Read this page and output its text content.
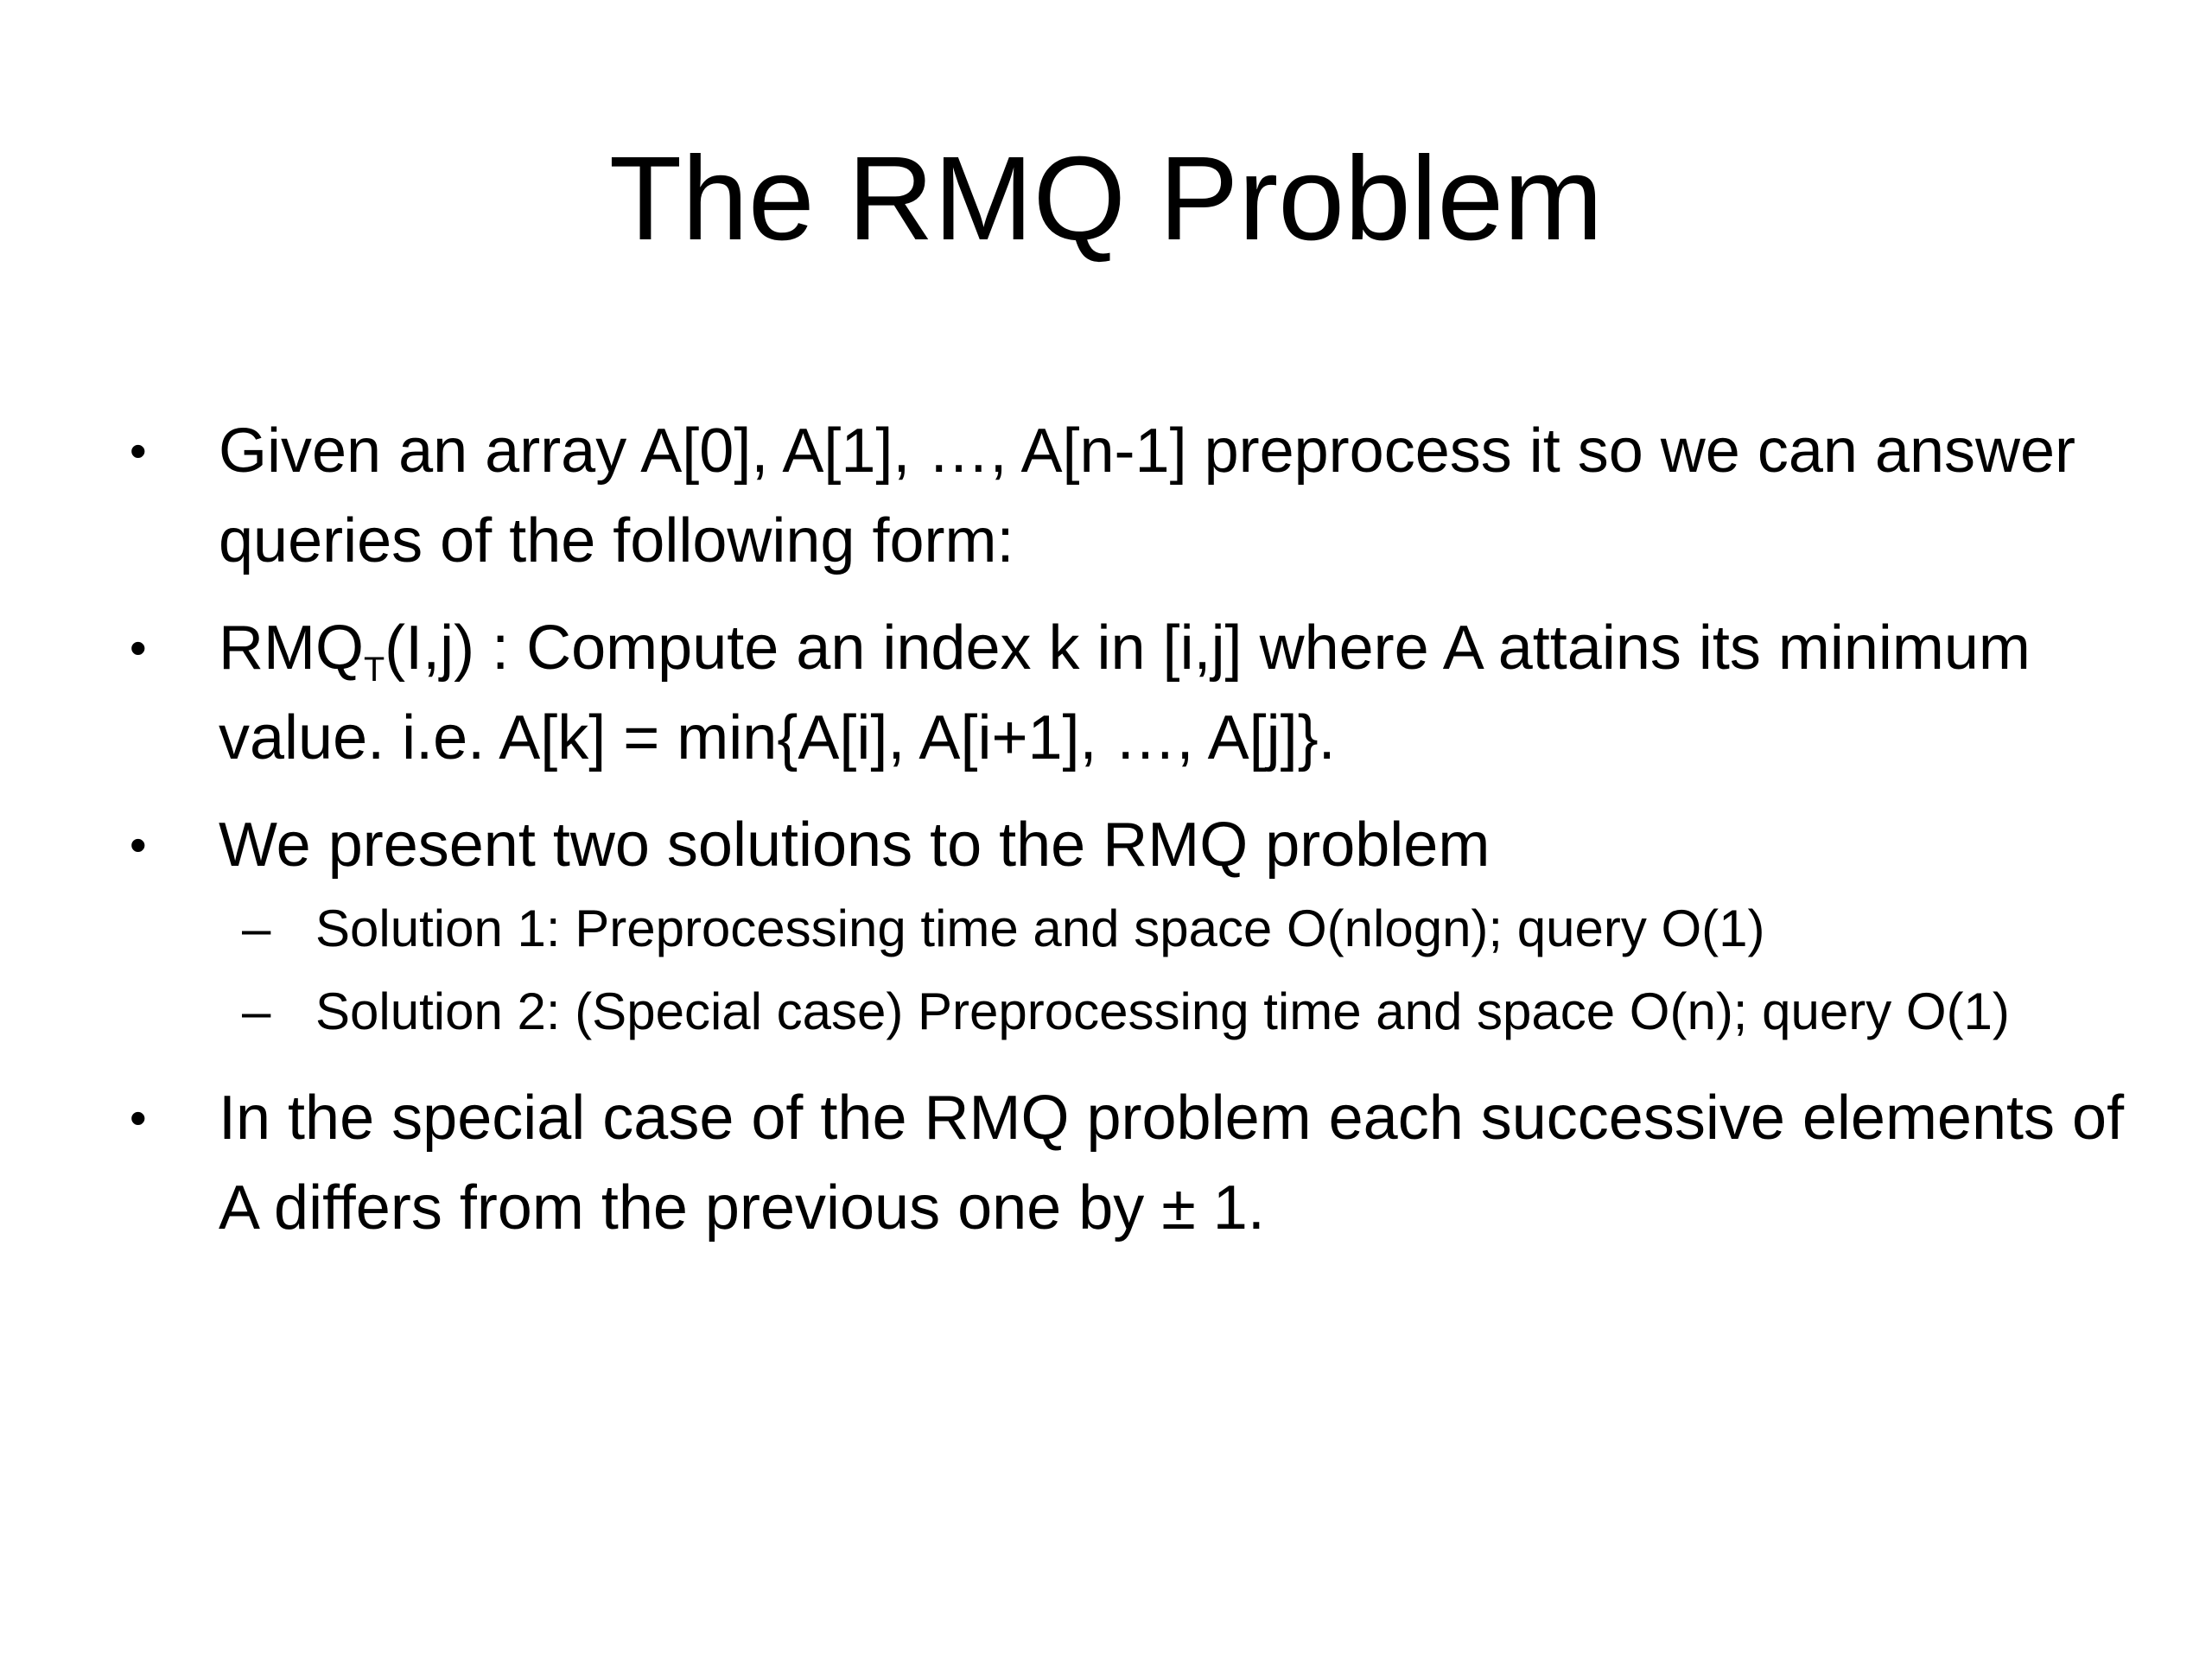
The RMQ Problem
• Given an array A[0], A[1], …, A[n-1] preprocess it so we can answer queries of the following form:
• $RMQ_T(I,j)$ : Compute an index k in [i,j] where A attains its minimum value. i.e. A[k] = min{A[i], A[i+1], …, A[j]}.
• We present two solutions to the RMQ problem
– Solution 1: Preprocessing time and space O(nlogn); query O(1)
– Solution 2: (Special case) Preprocessing time and space O(n); query O(1)
• In the special case of the RMQ problem each successive elements of A differs from the previous one by ± 1.
